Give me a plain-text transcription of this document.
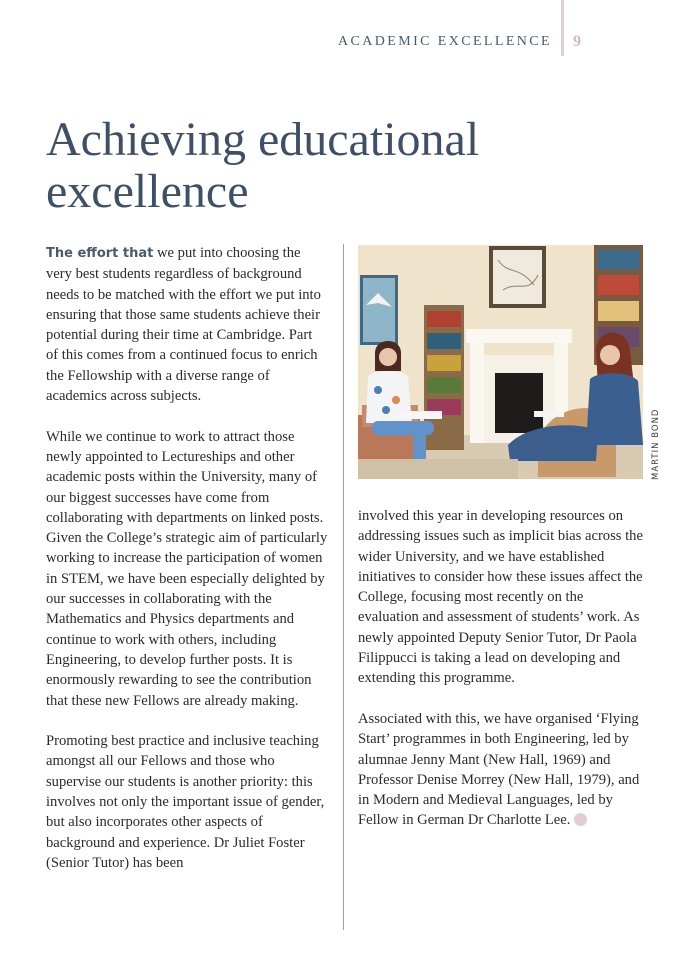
ACADEMIC EXCELLENCE 9
Achieving educational
excellence

The effort that we put into choosing the very best students regardless of background needs to be matched with the effort we put into ensuring that those same students achieve their potential during their time at Cambridge. Part of this comes from a continued focus to enrich the Fellowship with a diverse range of academics across subjects.

While we continue to work to attract those newly appointed to Lectureships and other academic posts within the University, many of our biggest successes have come from collaborating with departments on linked posts. Given the College’s strategic aim of particularly working to increase the participation of women in STEM, we have been especially delighted by our successes in collaborating with the Mathematics and Physics departments and continue to work with others, including Engineering, to develop further posts. It is enormously rewarding to see the contribution that these new Fellows are already making.

Promoting best practice and inclusive teaching amongst all our Fellows and those who supervise our students is another priority: this involves not only the important issue of gender, but also incorporates other aspects of background and experience. Dr Juliet Foster (Senior Tutor) has been

MARTIN BOND

involved this year in developing resources on addressing issues such as implicit bias across the wider University, and we have established initiatives to consider how these issues affect the College, focusing most recently on the evaluation and assessment of students’ work. As newly appointed Deputy Senior Tutor, Dr Paola Filippucci is taking a lead on developing and extending this programme.

Associated with this, we have organised ‘Flying Start’ programmes in both Engineering, led by alumnae Jenny Mant (New Hall, 1969) and Professor Denise Morrey (New Hall, 1979), and in Modern and Medieval Languages, led by Fellow in German Dr Charlotte Lee.
